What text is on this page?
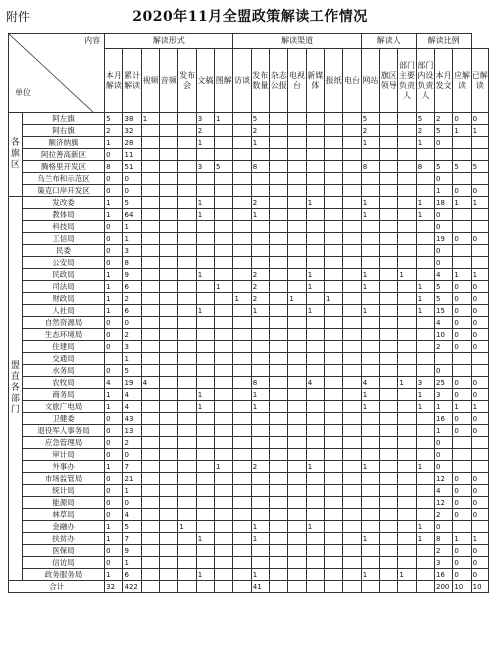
附件	2020年11月全盟政策解读工作情况
内容
单位		解读形式							解读渠道							解读人			解读比例			
		本月解读	累计解读	视频	音频	发布会	文稿	图解	访谈	发布数量	杂志公报	电视台	新媒体	报纸	电台	网站	旗区领导	部门主要负责人	部门内设负责人	本月发文	应解读	已解读
各旗区	阿左旗	5	38	1			3	1		5						5			5	2	0	0
	阿右旗	2	32				2			2						2			2	5	1	1
	额济纳旗	1	28				1			1						1			1	0		
	阿拉善高新区	0	11																			
	腾格里开发区	8	51				3	5		8						8			8	5	5	5
	乌兰布和示范区	0	0																	0		
	策克口岸开发区	0	0																	1	0	0
盟直各部门	发改委	1	5				1			2			1			1			1	18	1	1
	教体局	1	64				1			1						1			1	0		
	科技局	0	1																	0		
	工信局	0	1																	19	0	0
	民委	0	3																	0		
	公安局	0	8																	0		
	民政局	1	9				1			2			1			1		1		4	1	1
	司法局	1	6					1		2			1			1			1	5	0	0
	财政局	1	2						1	2		1		1					1	5	0	0
	人社局	1	6				1			1			1			1			1	15	0	0
	自然资源局	0	0																	4	0	0
	生态环境局	0	2																	10	0	0
	住建局	0	3																	2	0	0
	交通局		1																			
	水务局	0	5																	0		
	农牧局	4	19	4						8			4			4		1	3	25	0	0
	商务局	1	4				1			1						1			1	3	0	0
	文旅广电局	1	4				1			1						1			1	1	1	1
	卫健委	0	43																	16	0	0
	退役军人事务局	0	13																	1	0	0
	应急管理局	0	2																	0		
	审计局	0	0																	0		
	外事办	1	7					1		2			1			1			1	0		
	市场监管局	0	21																	12	0	0
	统计局	0	1																	4	0	0
	能源局	0	0																	12	0	0
	林草局	0	4																	2	0	0
	金融办	1	5			1				1			1						1	0		
	扶贫办	1	7				1			1						1			1	8	1	1
	医保局	0	9																	2	0	0
	信访局	0	1																	3	0	0
	政务服务局	1	6				1			1						1		1		16	0	0
合计		32	422							41										200	10	10
